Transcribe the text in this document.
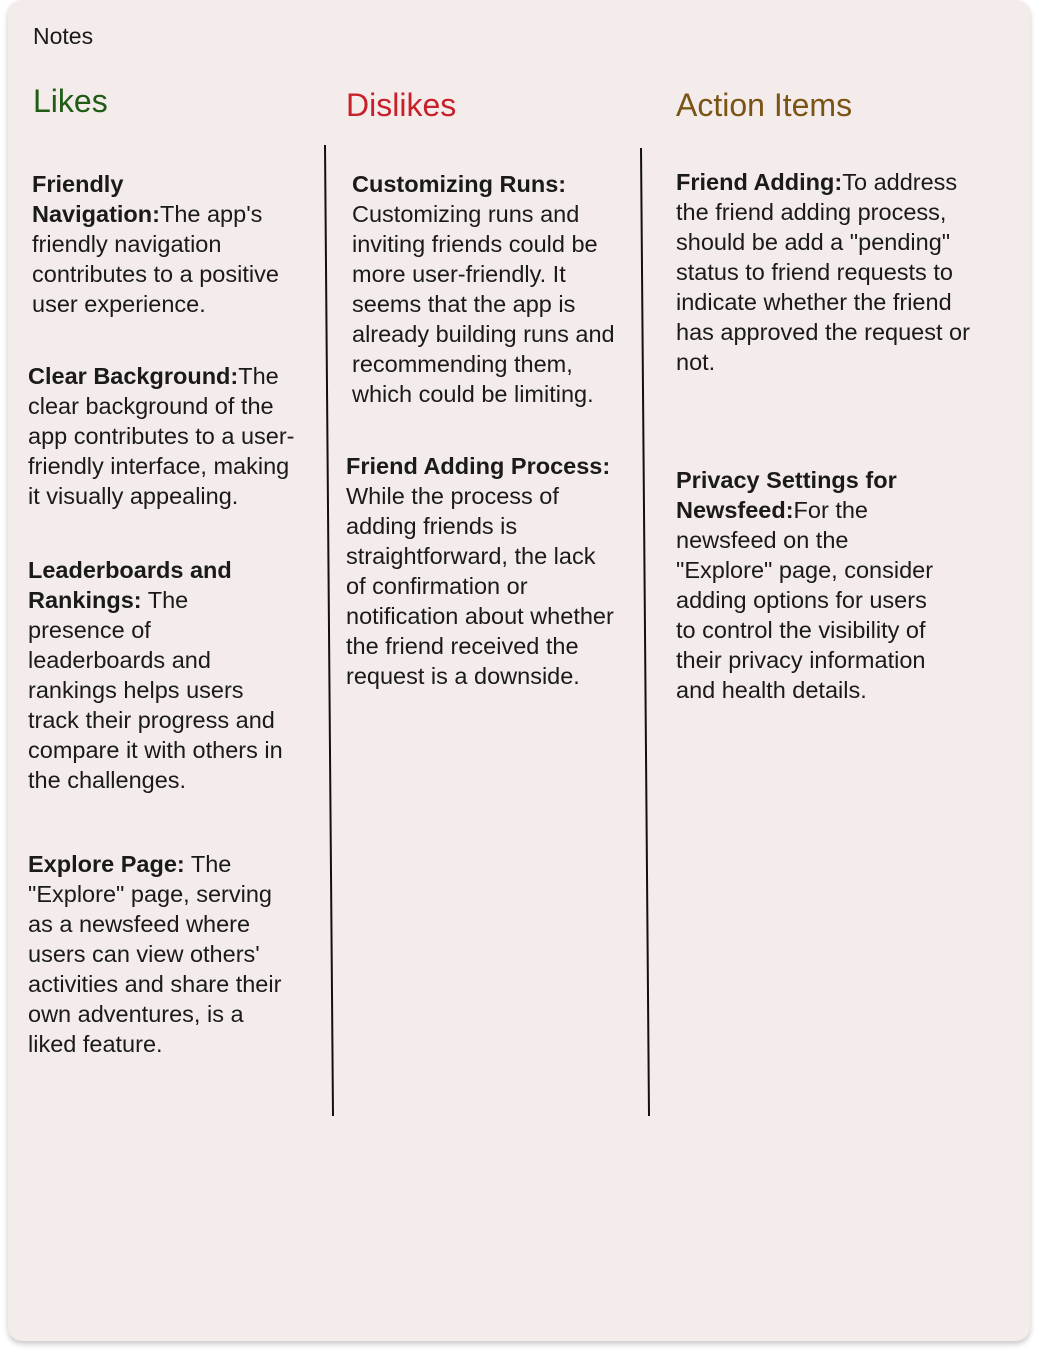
Notes
Likes	Dislikes	Action Items
Friendly Navigation:The app's friendly navigation contributes to a positive user experience.
Clear Background:The clear background of the app contributes to a user-friendly interface, making it visually appealing.
Leaderboards and Rankings: The presence of leaderboards and rankings helps users track their progress and compare it with others in the challenges.
Explore Page: The "Explore" page, serving as a newsfeed where users can view others' activities and share their own adventures, is a liked feature.
Customizing Runs: Customizing runs and inviting friends could be more user-friendly. It seems that the app is already building runs and recommending them, which could be limiting.
Friend Adding Process: While the process of adding friends is straightforward, the lack of confirmation or notification about whether the friend received the request is a downside.
Friend Adding:To address the friend adding process, should be add a "pending" status to friend requests to indicate whether the friend has approved the request or not.
Privacy Settings for Newsfeed:For the newsfeed on the "Explore" page, consider adding options for users to control the visibility of their privacy information and health details.
